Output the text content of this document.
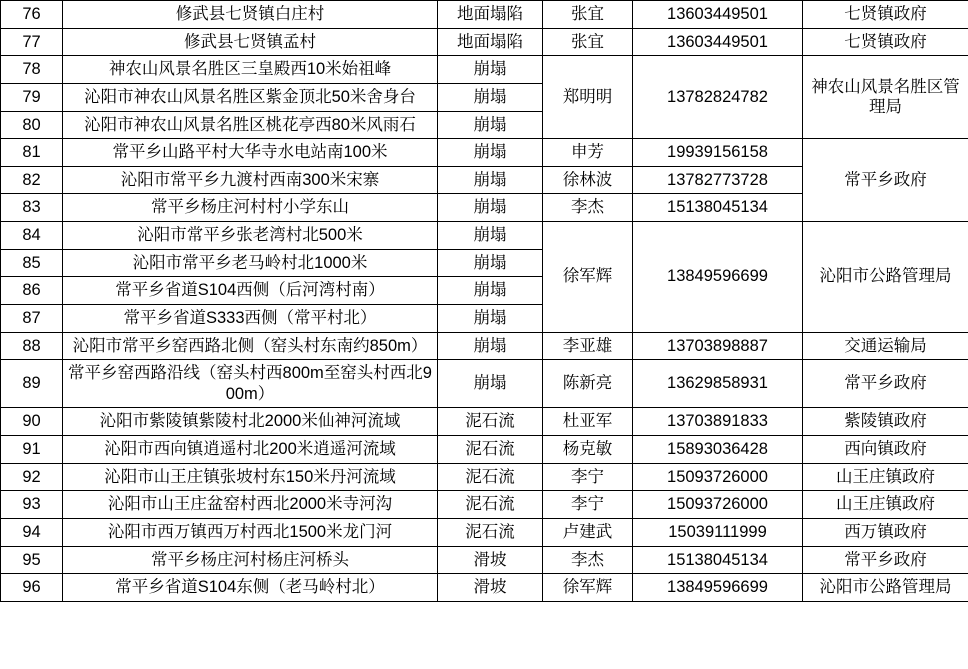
76	修武县七贤镇白庄村	地面塌陷	张宜	13603449501	七贤镇政府
77	修武县七贤镇孟村	地面塌陷	张宜	13603449501	七贤镇政府
78	神农山风景名胜区三皇殿西10米始祖峰	崩塌	郑明明	13782824782	神农山风景名胜区管理局
79	沁阳市神农山风景名胜区紫金顶北50米舍身台	崩塌			
80	沁阳市神农山风景名胜区桃花亭西80米风雨石	崩塌			
81	常平乡山路平村大华寺水电站南100米	崩塌	申芳	19939156158	常平乡政府
82	沁阳市常平乡九渡村西南300米宋寨	崩塌	徐林波	13782773728	
83	常平乡杨庄河村村小学东山	崩塌	李杰	15138045134	
84	沁阳市常平乡张老湾村北500米	崩塌	徐军辉	13849596699	沁阳市公路管理局
85	沁阳市常平乡老马岭村北1000米	崩塌			
86	常平乡省道S104西侧（后河湾村南）	崩塌			
87	常平乡省道S333西侧（常平村北）	崩塌			
88	沁阳市常平乡窑西路北侧（窑头村东南约850m）	崩塌	李亚雄	13703898887	交通运输局
89	常平乡窑西路沿线（窑头村西800m至窑头村西北900m）	崩塌	陈新亮	13629858931	常平乡政府
90	沁阳市紫陵镇紫陵村北2000米仙神河流域	泥石流	杜亚军	13703891833	紫陵镇政府
91	沁阳市西向镇逍遥村北200米逍遥河流域	泥石流	杨克敏	15893036428	西向镇政府
92	沁阳市山王庄镇张坡村东150米丹河流域	泥石流	李宁	15093726000	山王庄镇政府
93	沁阳市山王庄盆窑村西北2000米寺河沟	泥石流	李宁	15093726000	山王庄镇政府
94	沁阳市西万镇西万村西北1500米龙门河	泥石流	卢建武	15039111999	西万镇政府
95	常平乡杨庄河村杨庄河桥头	滑坡	李杰	15138045134	常平乡政府
96	常平乡省道S104东侧（老马岭村北）	滑坡	徐军辉	13849596699	沁阳市公路管理局
